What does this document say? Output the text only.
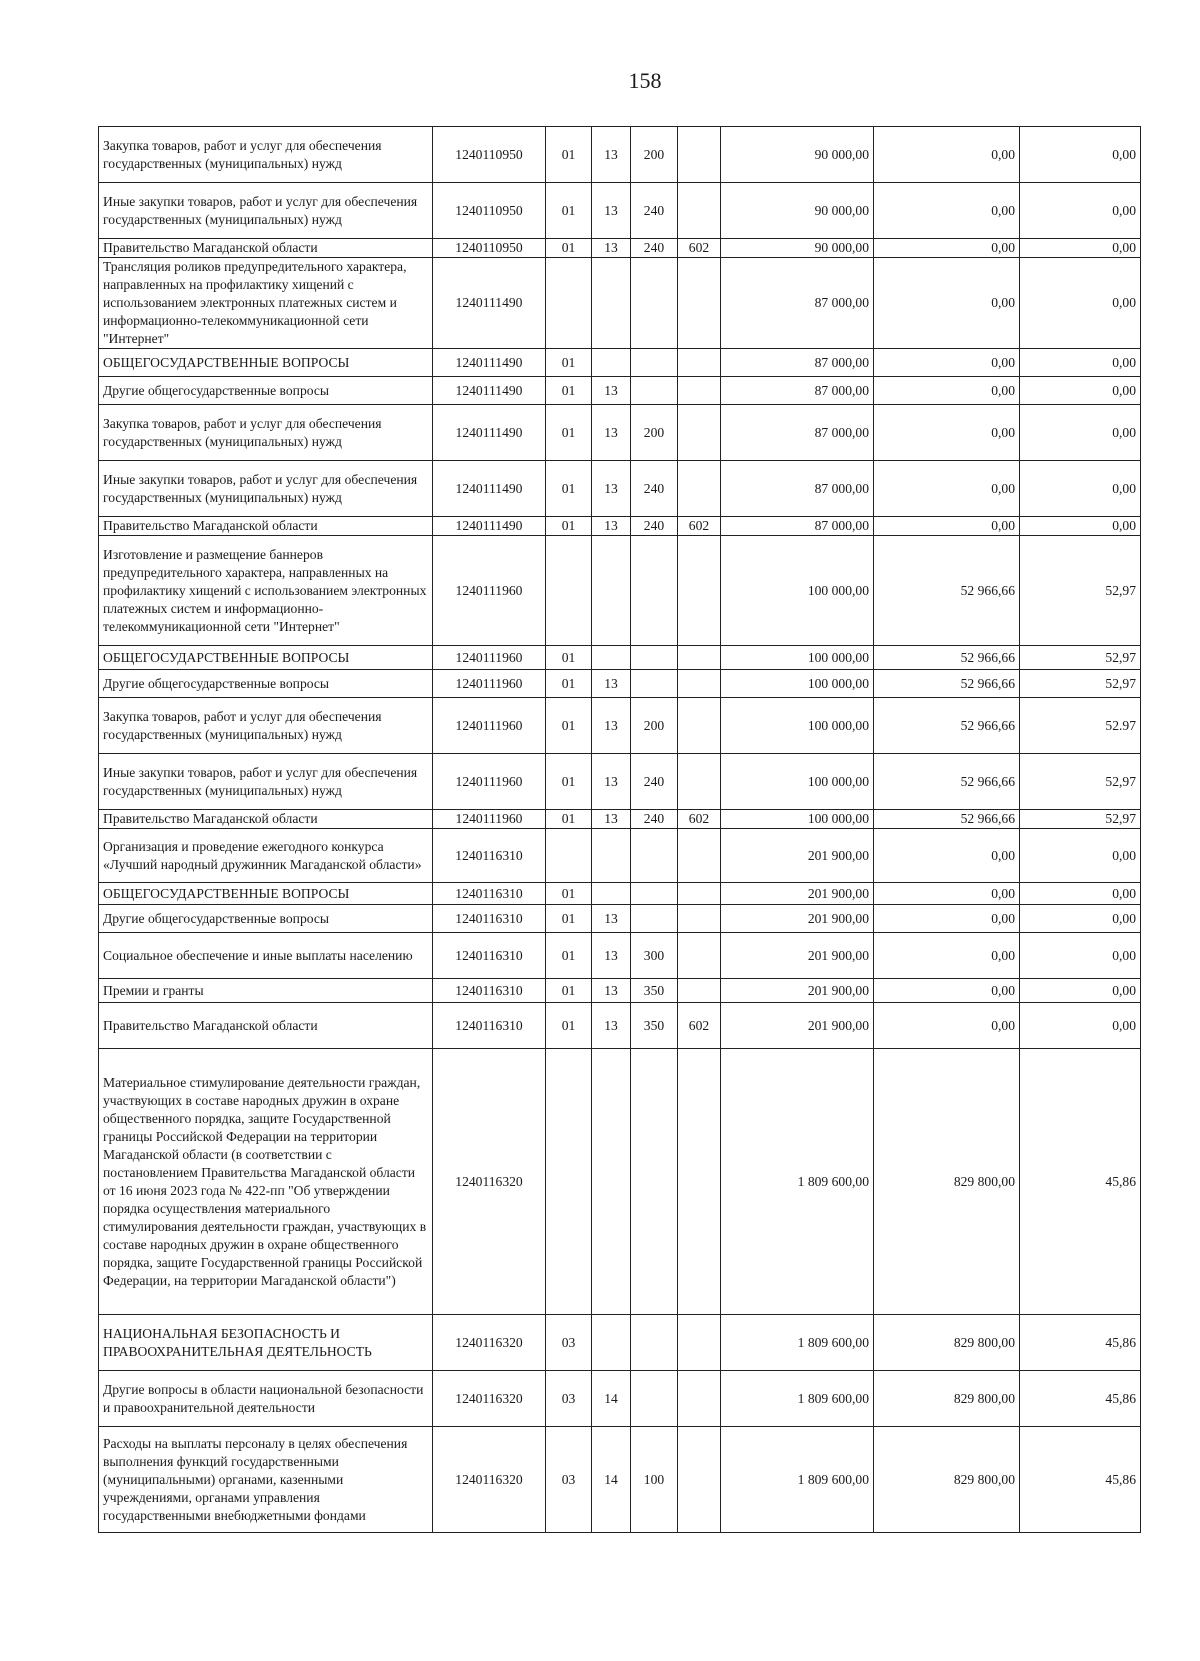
158
Закупка товаров, работ и услуг для обеспечения государственных (муниципальных) нужд	1240110950	01	13	200		90 000,00	0,00	0,00
Иные закупки товаров, работ и услуг для обеспечения государственных (муниципальных) нужд	1240110950	01	13	240		90 000,00	0,00	0,00
Правительство Магаданской области	1240110950	01	13	240	602	90 000,00	0,00	0,00
Трансляция роликов предупредительного характера, направленных на профилактику хищений с использованием электронных платежных систем и информационно-телекоммуникационной сети "Интернет"	1240111490					87 000,00	0,00	0,00
ОБЩЕГОСУДАРСТВЕННЫЕ ВОПРОСЫ	1240111490	01				87 000,00	0,00	0,00
Другие общегосударственные вопросы	1240111490	01	13			87 000,00	0,00	0,00
Закупка товаров, работ и услуг для обеспечения государственных (муниципальных) нужд	1240111490	01	13	200		87 000,00	0,00	0,00
Иные закупки товаров, работ и услуг для обеспечения государственных (муниципальных) нужд	1240111490	01	13	240		87 000,00	0,00	0,00
Правительство Магаданской области	1240111490	01	13	240	602	87 000,00	0,00	0,00
Изготовление и размещение баннеров предупредительного характера, направленных на профилактику хищений с использованием электронных платежных систем и информационно-телекоммуникационной сети "Интернет"	1240111960					100 000,00	52 966,66	52,97
ОБЩЕГОСУДАРСТВЕННЫЕ ВОПРОСЫ	1240111960	01				100 000,00	52 966,66	52,97
Другие общегосударственные вопросы	1240111960	01	13			100 000,00	52 966,66	52,97
Закупка товаров, работ и услуг для обеспечения государственных (муниципальных) нужд	1240111960	01	13	200		100 000,00	52 966,66	52.97
Иные закупки товаров, работ и услуг для обеспечения государственных (муниципальных) нужд	1240111960	01	13	240		100 000,00	52 966,66	52,97
Правительство Магаданской области	1240111960	01	13	240	602	100 000,00	52 966,66	52,97
Организация и проведение ежегодного конкурса «Лучший народный дружинник Магаданской области»	1240116310					201 900,00	0,00	0,00
ОБЩЕГОСУДАРСТВЕННЫЕ ВОПРОСЫ	1240116310	01				201 900,00	0,00	0,00
Другие общегосударственные вопросы	1240116310	01	13			201 900,00	0,00	0,00
Социальное обеспечение и иные выплаты населению	1240116310	01	13	300		201 900,00	0,00	0,00
Премии и гранты	1240116310	01	13	350		201 900,00	0,00	0,00
Правительство Магаданской области	1240116310	01	13	350	602	201 900,00	0,00	0,00
Материальное стимулирование деятельности граждан, участвующих в составе народных дружин в охране общественного порядка, защите Государственной границы Российской Федерации на территории Магаданской области (в соответствии с постановлением Правительства Магаданской области от 16 июня 2023 года № 422-пп "Об утверждении порядка осуществления материального стимулирования деятельности граждан, участвующих в составе народных дружин в охране общественного порядка, защите Государственной границы Российской Федерации, на территории Магаданской области")	1240116320					1 809 600,00	829 800,00	45,86
НАЦИОНАЛЬНАЯ БЕЗОПАСНОСТЬ И ПРАВООХРАНИТЕЛЬНАЯ ДЕЯТЕЛЬНОСТЬ	1240116320	03				1 809 600,00	829 800,00	45,86
Другие вопросы в области национальной безопасности и правоохранительной деятельности	1240116320	03	14			1 809 600,00	829 800,00	45,86
Расходы на выплаты персоналу в целях обеспечения выполнения функций государственными (муниципальными) органами, казенными учреждениями, органами управления государственными внебюджетными фондами	1240116320	03	14	100		1 809 600,00	829 800,00	45,86
